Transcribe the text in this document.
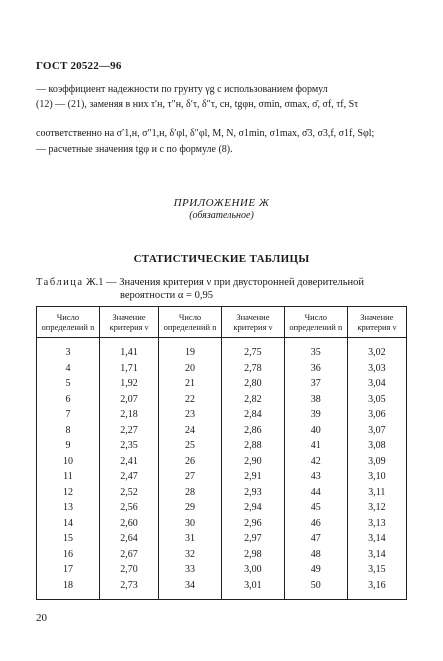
ГОСТ 20522—96
— коэффициент надежности по грунту γg с использованием формул
(12) — (21), заменяя в них τ′н, τ″н, δ′τ, δ″τ, cн, tgφн, σmin, σmax, σ̄, σf, τf, Sτ
соответственно на σ′1,н, σ″1,н, δ′φl, δ″φl, M, N, σ1min, σ1max, σ̄3, σ3,f, σ1f, Sφl;
— расчетные значения tgφ и c по формуле (8).
ПРИЛОЖЕНИЕ Ж
(обязательное)
СТАТИСТИЧЕСКИЕ ТАБЛИЦЫ
Таблица Ж.1 — Значения критерия ν при двусторонней доверительной
вероятности α = 0,95
Число определений n	Значение критерия ν	Число определений n	Значение критерия ν	Число определений n	Значение критерия ν
3	1,41	19	2,75	35	3,02
4	1,71	20	2,78	36	3,03
5	1,92	21	2,80	37	3,04
6	2,07	22	2,82	38	3,05
7	2,18	23	2,84	39	3,06
8	2,27	24	2,86	40	3,07
9	2,35	25	2,88	41	3,08
10	2,41	26	2,90	42	3,09
11	2,47	27	2,91	43	3,10
12	2,52	28	2,93	44	3,11
13	2,56	29	2,94	45	3,12
14	2,60	30	2,96	46	3,13
15	2,64	31	2,97	47	3,14
16	2,67	32	2,98	48	3,14
17	2,70	33	3,00	49	3,15
18	2,73	34	3,01	50	3,16
20
